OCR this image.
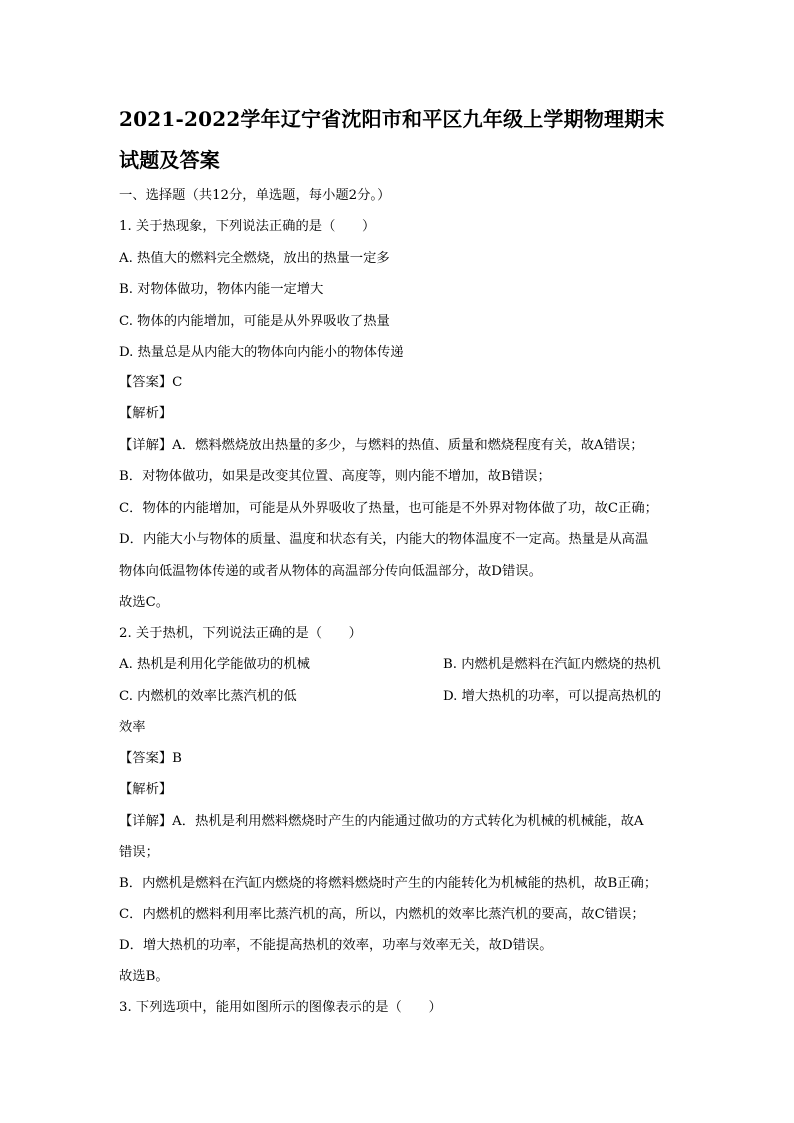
2021-2022学年辽宁省沈阳市和平区九年级上学期物理期末
试题及答案
一、选择题（共12分，单选题，每小题2分。）
1. 关于热现象，下列说法正确的是（　　）
A. 热值大的燃料完全燃烧，放出的热量一定多
B. 对物体做功，物体内能一定增大
C. 物体的内能增加，可能是从外界吸收了热量
D. 热量总是从内能大的物体向内能小的物体传递
【答案】C
【解析】
【详解】A．燃料燃烧放出热量的多少，与燃料的热值、质量和燃烧程度有关，故A错误；
B．对物体做功，如果是改变其位置、高度等，则内能不增加，故B错误；
C．物体的内能增加，可能是从外界吸收了热量，也可能是不外界对物体做了功，故C正确；
D．内能大小与物体的质量、温度和状态有关，内能大的物体温度不一定高。热量是从高温
物体向低温物体传递的或者从物体的高温部分传向低温部分，故D错误。
故选C。
2. 关于热机，下列说法正确的是（　　）
A. 热机是利用化学能做功的机械	B. 内燃机是燃料在汽缸内燃烧的热机
C. 内燃机的效率比蒸汽机的低	D. 增大热机的功率，可以提高热机的
效率
【答案】B
【解析】
【详解】A．热机是利用燃料燃烧时产生的内能通过做功的方式转化为机械的机械能，故A
错误；
B．内燃机是燃料在汽缸内燃烧的将燃料燃烧时产生的内能转化为机械能的热机，故B正确；
C．内燃机的燃料利用率比蒸汽机的高，所以，内燃机的效率比蒸汽机的要高，故C错误；
D．增大热机的功率，不能提高热机的效率，功率与效率无关，故D错误。
故选B。
3. 下列选项中，能用如图所示的图像表示的是（　　）
